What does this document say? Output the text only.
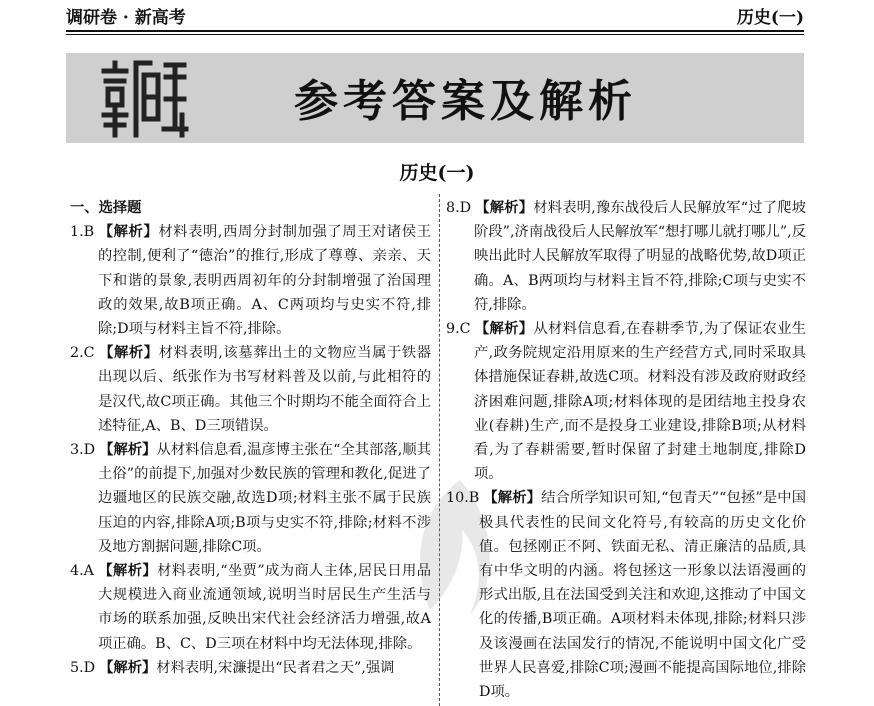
调研卷 · 新高考	历史(一)
参考答案及解析
历史(一)
一、选择题

1.B 【解析】材料表明,西周分封制加强了周王对诸侯王的控制,便利了“德治”的推行,形成了尊尊、亲亲、天下和谐的景象,表明西周初年的分封制增强了治国理政的效果,故B项正确。A、C两项均与史实不符,排除;D项与材料主旨不符,排除。

2.C 【解析】材料表明,该墓葬出土的文物应当属于铁器出现以后、纸张作为书写材料普及以前,与此相符的是汉代,故C项正确。其他三个时期均不能全面符合上述特征,A、B、D三项错误。

3.D 【解析】从材料信息看,温彦博主张在“全其部落,顺其土俗”的前提下,加强对少数民族的管理和教化,促进了边疆地区的民族交融,故选D项;材料主张不属于民族压迫的内容,排除A项;B项与史实不符,排除;材料不涉及地方割据问题,排除C项。

4.A 【解析】材料表明,“坐贾”成为商人主体,居民日用品大规模进入商业流通领域,说明当时居民生产生活与市场的联系加强,反映出宋代社会经济活力增强,故A项正确。B、C、D三项在材料中均无法体现,排除。

5.D 【解析】材料表明,宋濂提出“民者君之天”,强调

8.D 【解析】材料表明,豫东战役后人民解放军“过了爬坡阶段”,济南战役后人民解放军“想打哪儿就打哪儿”,反映出此时人民解放军取得了明显的战略优势,故D项正确。A、B两项均与材料主旨不符,排除;C项与史实不符,排除。

9.C 【解析】从材料信息看,在春耕季节,为了保证农业生产,政务院规定沿用原来的生产经营方式,同时采取具体措施保证春耕,故选C项。材料没有涉及政府财政经济困难问题,排除A项;材料体现的是团结地主投身农业(春耕)生产,而不是投身工业建设,排除B项;从材料看,为了春耕需要,暂时保留了封建土地制度,排除D项。

10.B 【解析】结合所学知识可知,“包青天”“包拯”是中国极具代表性的民间文化符号,有较高的历史文化价值。包拯刚正不阿、铁面无私、清正廉洁的品质,具有中华文明的内涵。将包拯这一形象以法语漫画的形式出版,且在法国受到关注和欢迎,这推动了中国文化的传播,B项正确。A项材料未体现,排除;材料只涉及该漫画在法国发行的情况,不能说明中国文化广受世界人民喜爱,排除C项;漫画不能提高国际地位,排除D项。
